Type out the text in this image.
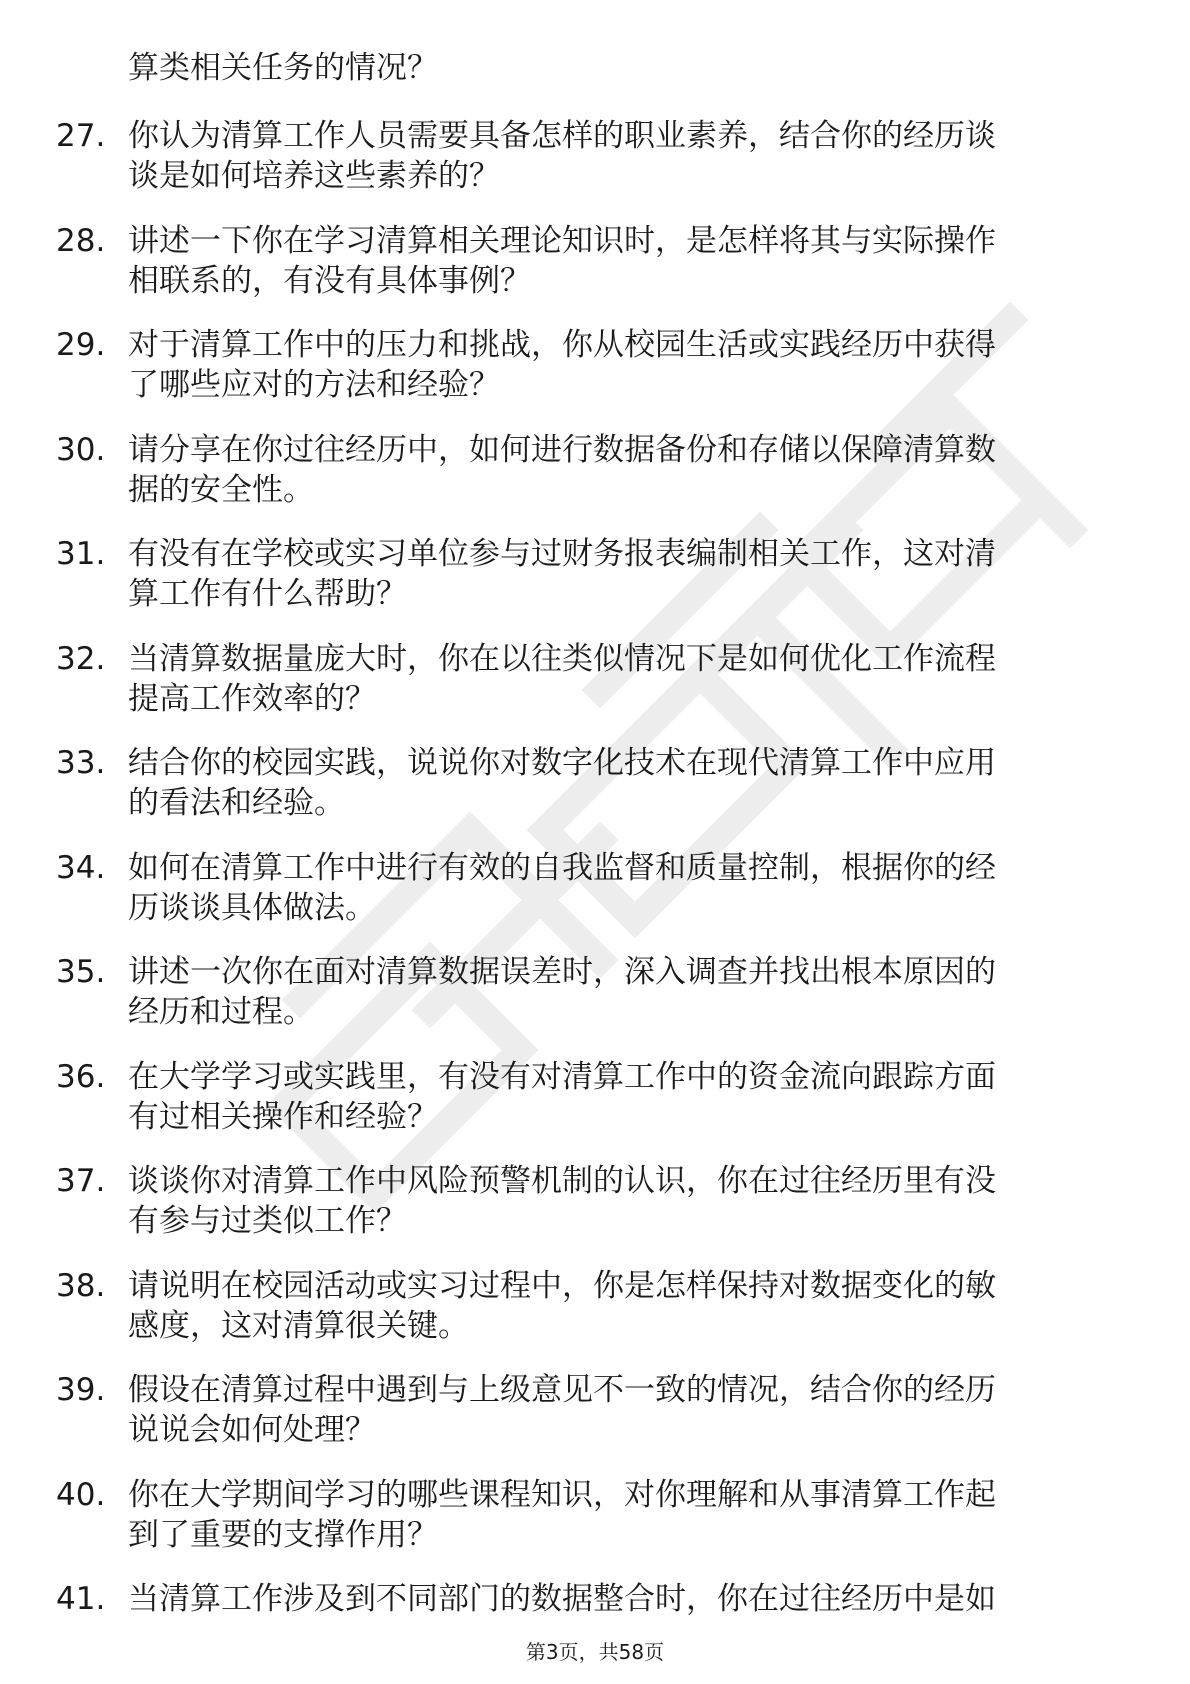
算类相关任务的情况？
27. 你认为清算工作人员需要具备怎样的职业素养，结合你的经历谈
谈是如何培养这些素养的？
28. 讲述一下你在学习清算相关理论知识时，是怎样将其与实际操作
相联系的，有没有具体事例？
29. 对于清算工作中的压力和挑战，你从校园生活或实践经历中获得
了哪些应对的方法和经验？
30. 请分享在你过往经历中，如何进行数据备份和存储以保障清算数
据的安全性。
31. 有没有在学校或实习单位参与过财务报表编制相关工作，这对清
算工作有什么帮助？
32. 当清算数据量庞大时，你在以往类似情况下是如何优化工作流程
提高工作效率的？
33. 结合你的校园实践，说说你对数字化技术在现代清算工作中应用
的看法和经验。
34. 如何在清算工作中进行有效的自我监督和质量控制，根据你的经
历谈谈具体做法。
35. 讲述一次你在面对清算数据误差时，深入调查并找出根本原因的
经历和过程。
36. 在大学学习或实践里，有没有对清算工作中的资金流向跟踪方面
有过相关操作和经验？
37. 谈谈你对清算工作中风险预警机制的认识，你在过往经历里有没
有参与过类似工作？
38. 请说明在校园活动或实习过程中，你是怎样保持对数据变化的敏
感度，这对清算很关键。
39. 假设在清算过程中遇到与上级意见不一致的情况，结合你的经历
说说会如何处理？
40. 你在大学期间学习的哪些课程知识，对你理解和从事清算工作起
到了重要的支撑作用？
41. 当清算工作涉及到不同部门的数据整合时，你在过往经历中是如
第3页，共58页
